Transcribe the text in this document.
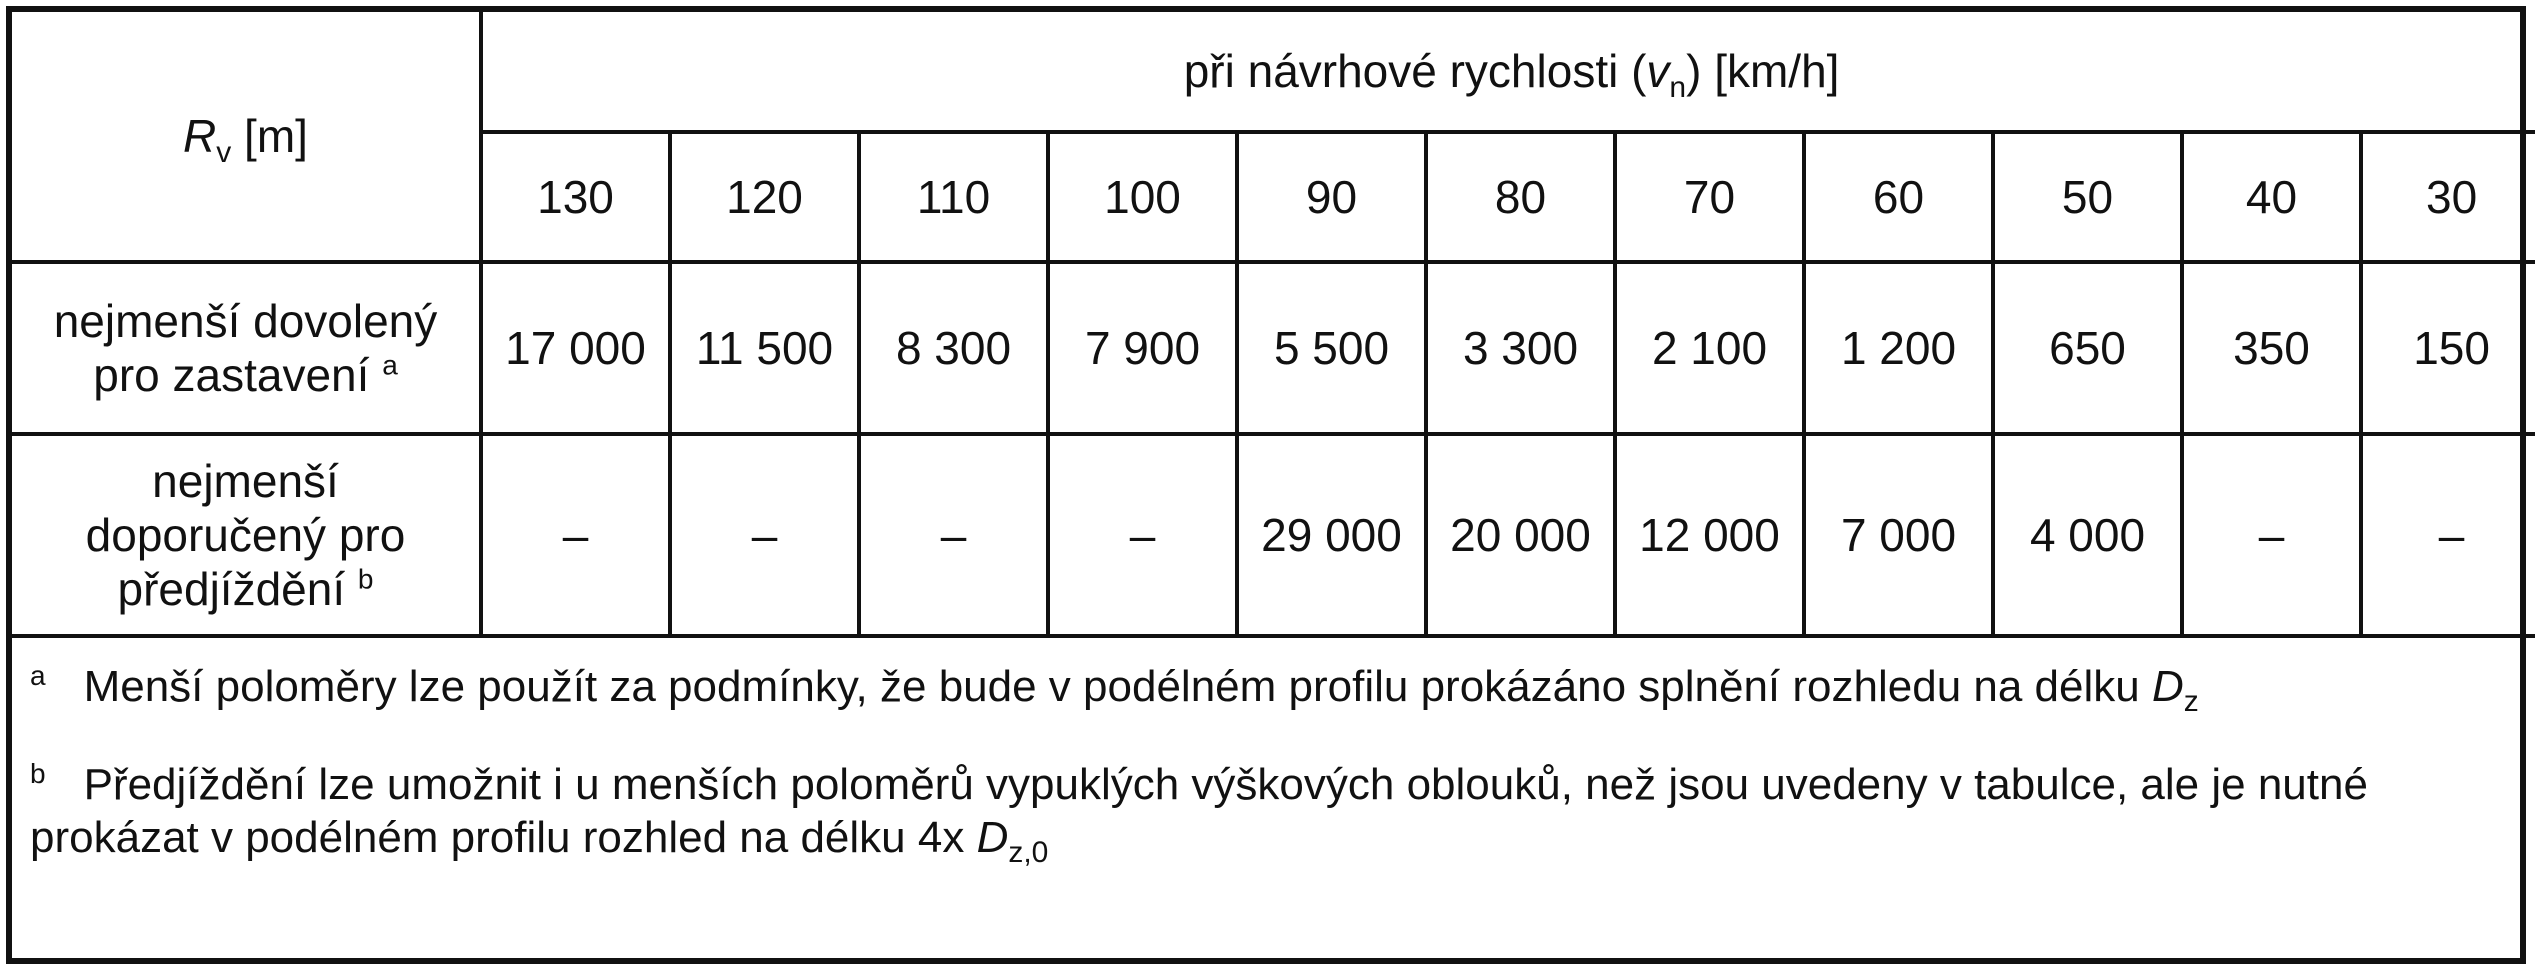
$R_v$ [m]	při návrhové rychlosti $(v_n)$ [km/h]										
	130	120	110	100	90	80	70	60	50	40	30
nejmenší dovolený
pro zastavení $^a$	17 000	11 500	8 300	7 900	5 500	3 300	2 100	1 200	650	350	150
nejmenší
doporučený pro
předjíždění $^b$	–	–	–	–	29 000	20 000	12 000	7 000	4 000	–	–

$^a$ Menší poloměry lze použít za podmínky, že bude v podélném profilu prokázáno splnění rozhledu na délku $D_z$

$^b$ Předjíždění lze umožnit i u menších poloměrů vypuklých výškových oblouků, než jsou uvedeny v tabulce, ale je nutné prokázat v podélném profilu rozhled na délku 4x $D_{z,0}$
